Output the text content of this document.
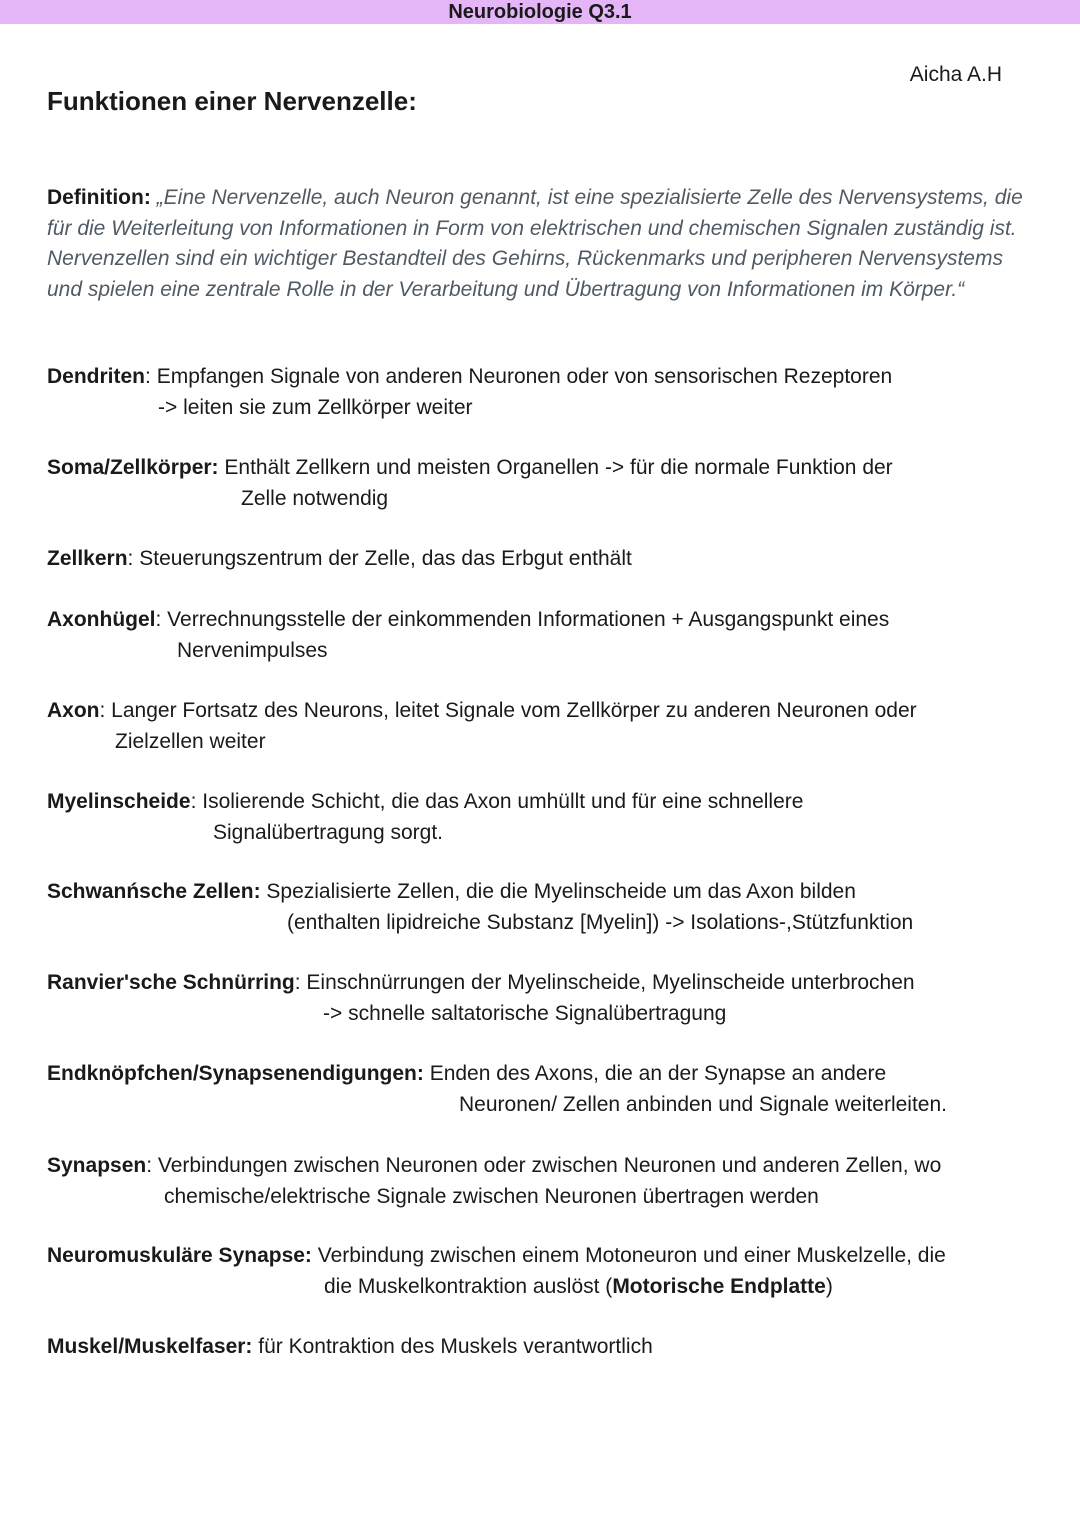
Neurobiologie Q3.1
Aicha A.H
Funktionen einer Nervenzelle:
Definition: „Eine Nervenzelle, auch Neuron genannt, ist eine spezialisierte Zelle des Nervensystems, die für die Weiterleitung von Informationen in Form von elektrischen und chemischen Signalen zuständig ist. Nervenzellen sind ein wichtiger Bestandteil des Gehirns, Rückenmarks und peripheren Nervensystems und spielen eine zentrale Rolle in der Verarbeitung und Übertragung von Informationen im Körper.“
Dendriten: Empfangen Signale von anderen Neuronen oder von sensorischen Rezeptoren
-> leiten sie zum Zellkörper weiter
Soma/Zellkörper: Enthält Zellkern und meisten Organellen -> für die normale Funktion der
Zelle notwendig
Zellkern: Steuerungszentrum der Zelle, das das Erbgut enthält
Axonhügel: Verrechnungsstelle der einkommenden Informationen + Ausgangspunkt eines
Nervenimpulses
Axon: Langer Fortsatz des Neurons, leitet Signale vom Zellkörper zu anderen Neuronen oder
Zielzellen weiter
Myelinscheide: Isolierende Schicht, die das Axon umhüllt und für eine schnellere
Signalübertragung sorgt.
Schwanńsche Zellen: Spezialisierte Zellen, die die Myelinscheide um das Axon bilden
(enthalten lipidreiche Substanz [Myelin]) -> Isolations-,Stützfunktion
Ranvier'sche Schnürring: Einschnürrungen der Myelinscheide, Myelinscheide unterbrochen
-> schnelle saltatorische Signalübertragung
Endknöpfchen/Synapsenendigungen: Enden des Axons, die an der Synapse an andere
Neuronen/ Zellen anbinden und Signale weiterleiten.
Synapsen: Verbindungen zwischen Neuronen oder zwischen Neuronen und anderen Zellen, wo
chemische/elektrische Signale zwischen Neuronen übertragen werden
Neuromuskuläre Synapse: Verbindung zwischen einem Motoneuron und einer Muskelzelle, die
die Muskelkontraktion auslöst (Motorische Endplatte)
Muskel/Muskelfaser: für Kontraktion des Muskels verantwortlich
